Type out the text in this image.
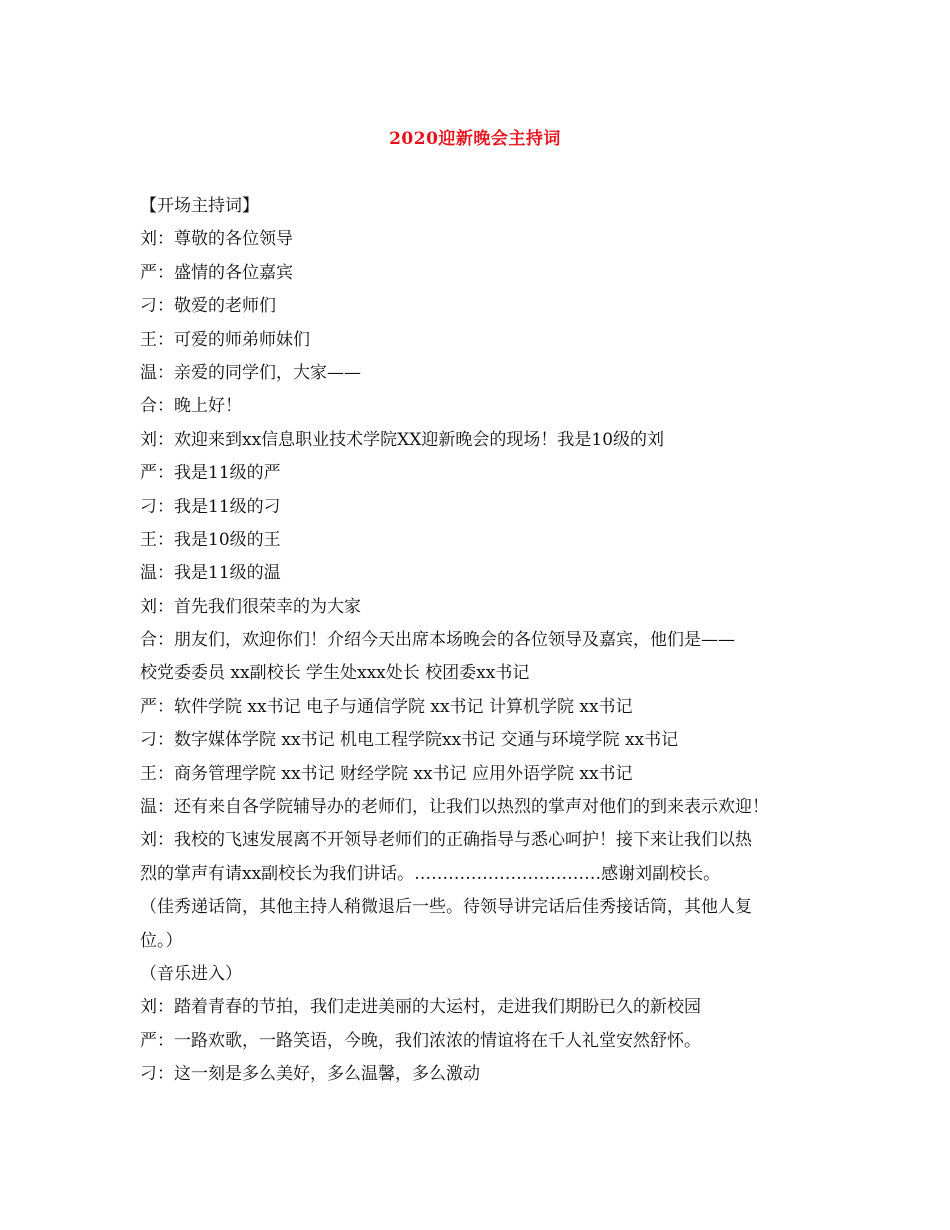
2020迎新晚会主持词
【开场主持词】
刘：尊敬的各位领导
严：盛情的各位嘉宾
刁：敬爱的老师们
王：可爱的师弟师妹们
温：亲爱的同学们，大家——
合：晚上好！
刘：欢迎来到xx信息职业技术学院XX迎新晚会的现场！我是10级的刘
严：我是11级的严
刁：我是11级的刁
王：我是10级的王
温：我是11级的温
刘：首先我们很荣幸的为大家
合：朋友们，欢迎你们！介绍今天出席本场晚会的各位领导及嘉宾，他们是——
校党委委员 xx副校长 学生处xxx处长 校团委xx书记
严：软件学院 xx书记 电子与通信学院 xx书记 计算机学院 xx书记
刁：数字媒体学院 xx书记 机电工程学院xx书记 交通与环境学院 xx书记
王：商务管理学院 xx书记 财经学院 xx书记 应用外语学院 xx书记
温：还有来自各学院辅导办的老师们，让我们以热烈的掌声对他们的到来表示欢迎！
刘：我校的飞速发展离不开领导老师们的正确指导与悉心呵护！接下来让我们以热
烈的掌声有请xx副校长为我们讲话。……………………………感谢刘副校长。
（佳秀递话筒，其他主持人稍微退后一些。待领导讲完话后佳秀接话筒，其他人复
位。）
（音乐进入）
刘：踏着青春的节拍，我们走进美丽的大运村，走进我们期盼已久的新校园
严：一路欢歌，一路笑语，今晚，我们浓浓的情谊将在千人礼堂安然舒怀。
刁：这一刻是多么美好，多么温馨，多么激动
